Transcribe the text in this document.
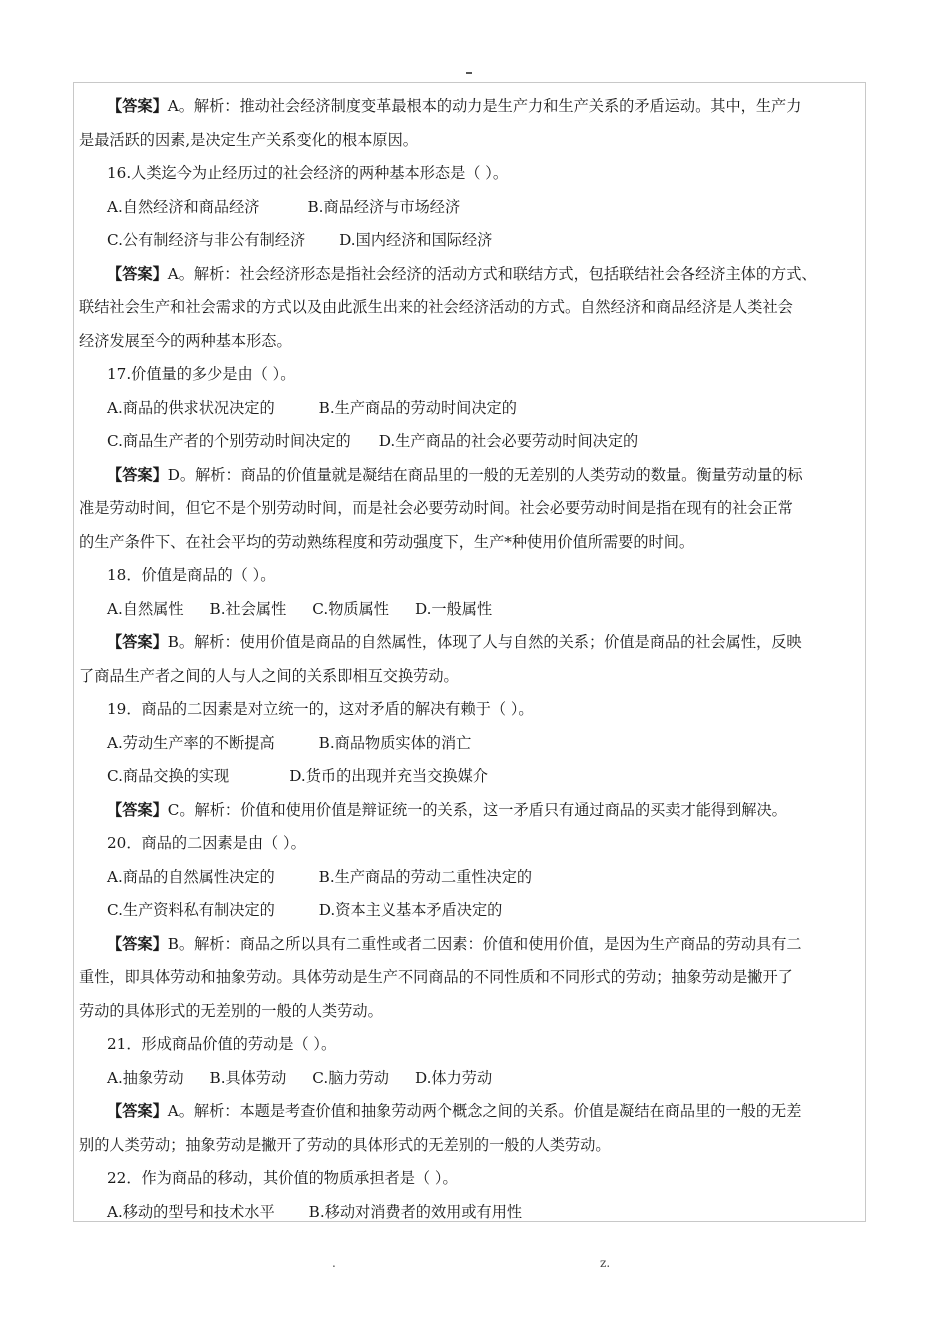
【答案】A。解析：推动社会经济制度变革最根本的动力是生产力和生产关系的矛盾运动。其中，生产力
是最活跃的因素,是决定生产关系变化的根本原因。
16.人类迄今为止经历过的社会经济的两种基本形态是（ ）。
A.自然经济和商品经济	B.商品经济与市场经济
C.公有制经济与非公有制经济 D.国内经济和国际经济
【答案】A。解析：社会经济形态是指社会经济的活动方式和联结方式，包括联结社会各经济主体的方式、
联结社会生产和社会需求的方式以及由此派生出来的社会经济活动的方式。自然经济和商品经济是人类社会
经济发展至今的两种基本形态。
17.价值量的多少是由（ ）。
A.商品的供求状况决定的	B.生产商品的劳动时间决定的
C.商品生产者的个别劳动时间决定的 D.生产商品的社会必要劳动时间决定的
【答案】D。解析：商品的价值量就是凝结在商品里的一般的无差别的人类劳动的数量。衡量劳动量的标
准是劳动时间，但它不是个别劳动时间，而是社会必要劳动时间。社会必要劳动时间是指在现有的社会正常
的生产条件下、在社会平均的劳动熟练程度和劳动强度下，生产*种使用价值所需要的时间。
18．价值是商品的（ ）。
A.自然属性 B.社会属性 C.物质属性 D.一般属性
【答案】B。解析：使用价值是商品的自然属性，体现了人与自然的关系；价值是商品的社会属性，反映
了商品生产者之间的人与人之间的关系即相互交换劳动。
19．商品的二因素是对立统一的，这对矛盾的解决有赖于（ ）。
A.劳动生产率的不断提高	B.商品物质实体的消亡
C.商品交换的实现	D.货币的出现并充当交换媒介
【答案】C。解析：价值和使用价值是辩证统一的关系，这一矛盾只有通过商品的买卖才能得到解决。
20．商品的二因素是由（ ）。
A.商品的自然属性决定的	B.生产商品的劳动二重性决定的
C.生产资料私有制决定的	D.资本主义基本矛盾决定的
【答案】B。解析：商品之所以具有二重性或者二因素：价值和使用价值，是因为生产商品的劳动具有二
重性，即具体劳动和抽象劳动。具体劳动是生产不同商品的不同性质和不同形式的劳动；抽象劳动是撇开了
劳动的具体形式的无差别的一般的人类劳动。
21．形成商品价值的劳动是（ ）。
A.抽象劳动 B.具体劳动 C.脑力劳动 D.体力劳动
【答案】A。解析：本题是考查价值和抽象劳动两个概念之间的关系。价值是凝结在商品里的一般的无差
别的人类劳动；抽象劳动是撇开了劳动的具体形式的无差别的一般的人类劳动。
22．作为商品的移动，其价值的物质承担者是（ ）。
A.移动的型号和技术水平 B.移动对消费者的效用或有用性
.	z.
